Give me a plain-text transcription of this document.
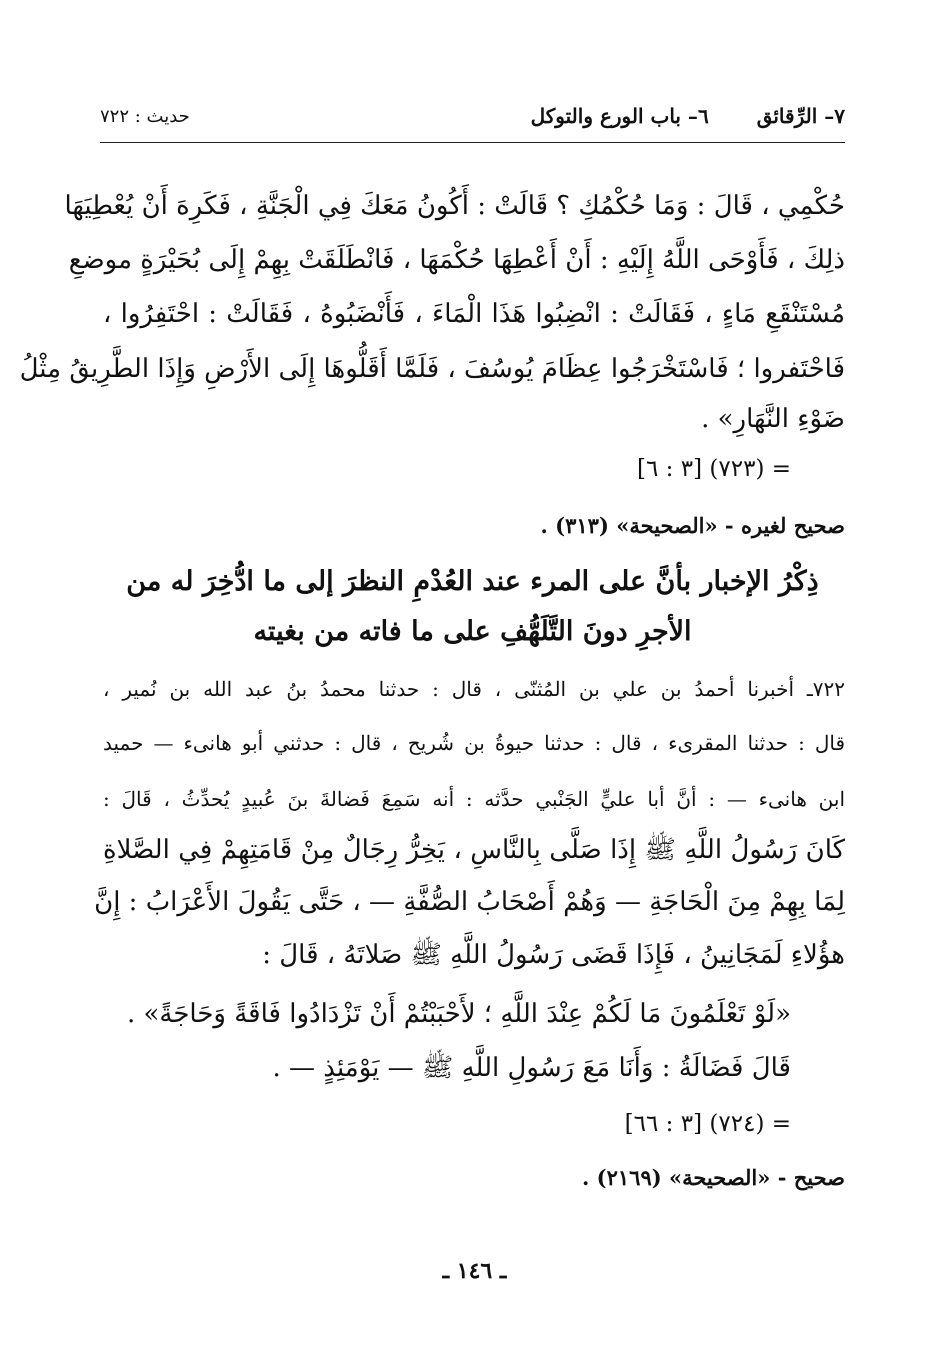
٧– الرِّقائق٦– باب الورع والتوكل
حديث : ٧٢٢
حُكْمِي ، قَالَ : وَمَا حُكْمُكِ ؟ قَالَتْ : أَكُونُ مَعَكَ فِي الْجَنَّةِ ، فَكَرِهَ أَنْ يُعْطِيَهَا
ذلِكَ ، فَأَوْحَى اللَّهُ إِلَيْهِ : أَنْ أَعْطِهَا حُكْمَهَا ، فَانْطَلَقَتْ بِهِمْ إِلَى بُحَيْرَةٍ موضعِ
مُسْتَنْقَعِ مَاءٍ ، فَقَالَتْ : انْضِبُوا هَذَا الْمَاءَ ، فَأَنْضَبُوهُ ، فَقَالَتْ : احْتَفِرُوا ،
فَاحْتَفروا ؛ فَاسْتَخْرَجُوا عِظَامَ يُوسُفَ ، فَلَمَّا أَقَلُّوهَا إِلَى الأَرْضِ وَإِذَا الطَّرِيقُ مِثْلُ
ضَوْءِ النَّهَارِ» .
= (٧٢٣) [٣ : ٦]
صحيح لغيره - «الصحيحة» (٣١٣) .
ذِكْرُ الإخبار بأنَّ على المرء عند العُدْمِ النظرَ إلى ما ادُّخِرَ له من
الأجرِ دونَ التَّلَهُّفِ على ما فاته من بغيته
٧٢٢ـ أخبرنا أحمدُ بن علي بن المُثنّى ، قال : حدثنا محمدُ بنُ عبد الله بن نُمير ،
قال : حدثنا المقرىء ، قال : حدثنا حيوةُ بن شُريح ، قال : حدثني أبو هانىء — حميد
ابن هانىء — : أنَّ أبا عليٍّ الجَنْبي حدَّثه : أنه سَمِعَ فَضالةَ بنَ عُبيدٍ يُحدِّثُ ، قَالَ :
كَانَ رَسُولُ اللَّهِ ﷺ إِذَا صَلَّى بِالنَّاسِ ، يَخِرُّ رِجَالٌ مِنْ قَامَتِهِمْ فِي الصَّلاةِ
لِمَا بِهِمْ مِنَ الْحَاجَةِ — وَهُمْ أَصْحَابُ الصُّفَّةِ — ، حَتَّى يَقُولَ الأَعْرَابُ : إِنَّ
هؤُلاءِ لَمَجَانِينُ ، فَإِذَا قَضَى رَسُولُ اللَّهِ ﷺ صَلاتَهُ ، قَالَ :
«لَوْ تَعْلَمُونَ مَا لَكُمْ عِنْدَ اللَّهِ ؛ لأَحْبَبْتُمْ أَنْ تَزْدَادُوا فَاقَةً وَحَاجَةً» .
قَالَ فَضَالَةُ : وَأَنَا مَعَ رَسُولِ اللَّهِ ﷺ — يَوْمَئِذٍ — .
= (٧٢٤) [٣ : ٦٦]
صحيح - «الصحيحة» (٢١٦٩) .
ـ ١٤٦ ـ
